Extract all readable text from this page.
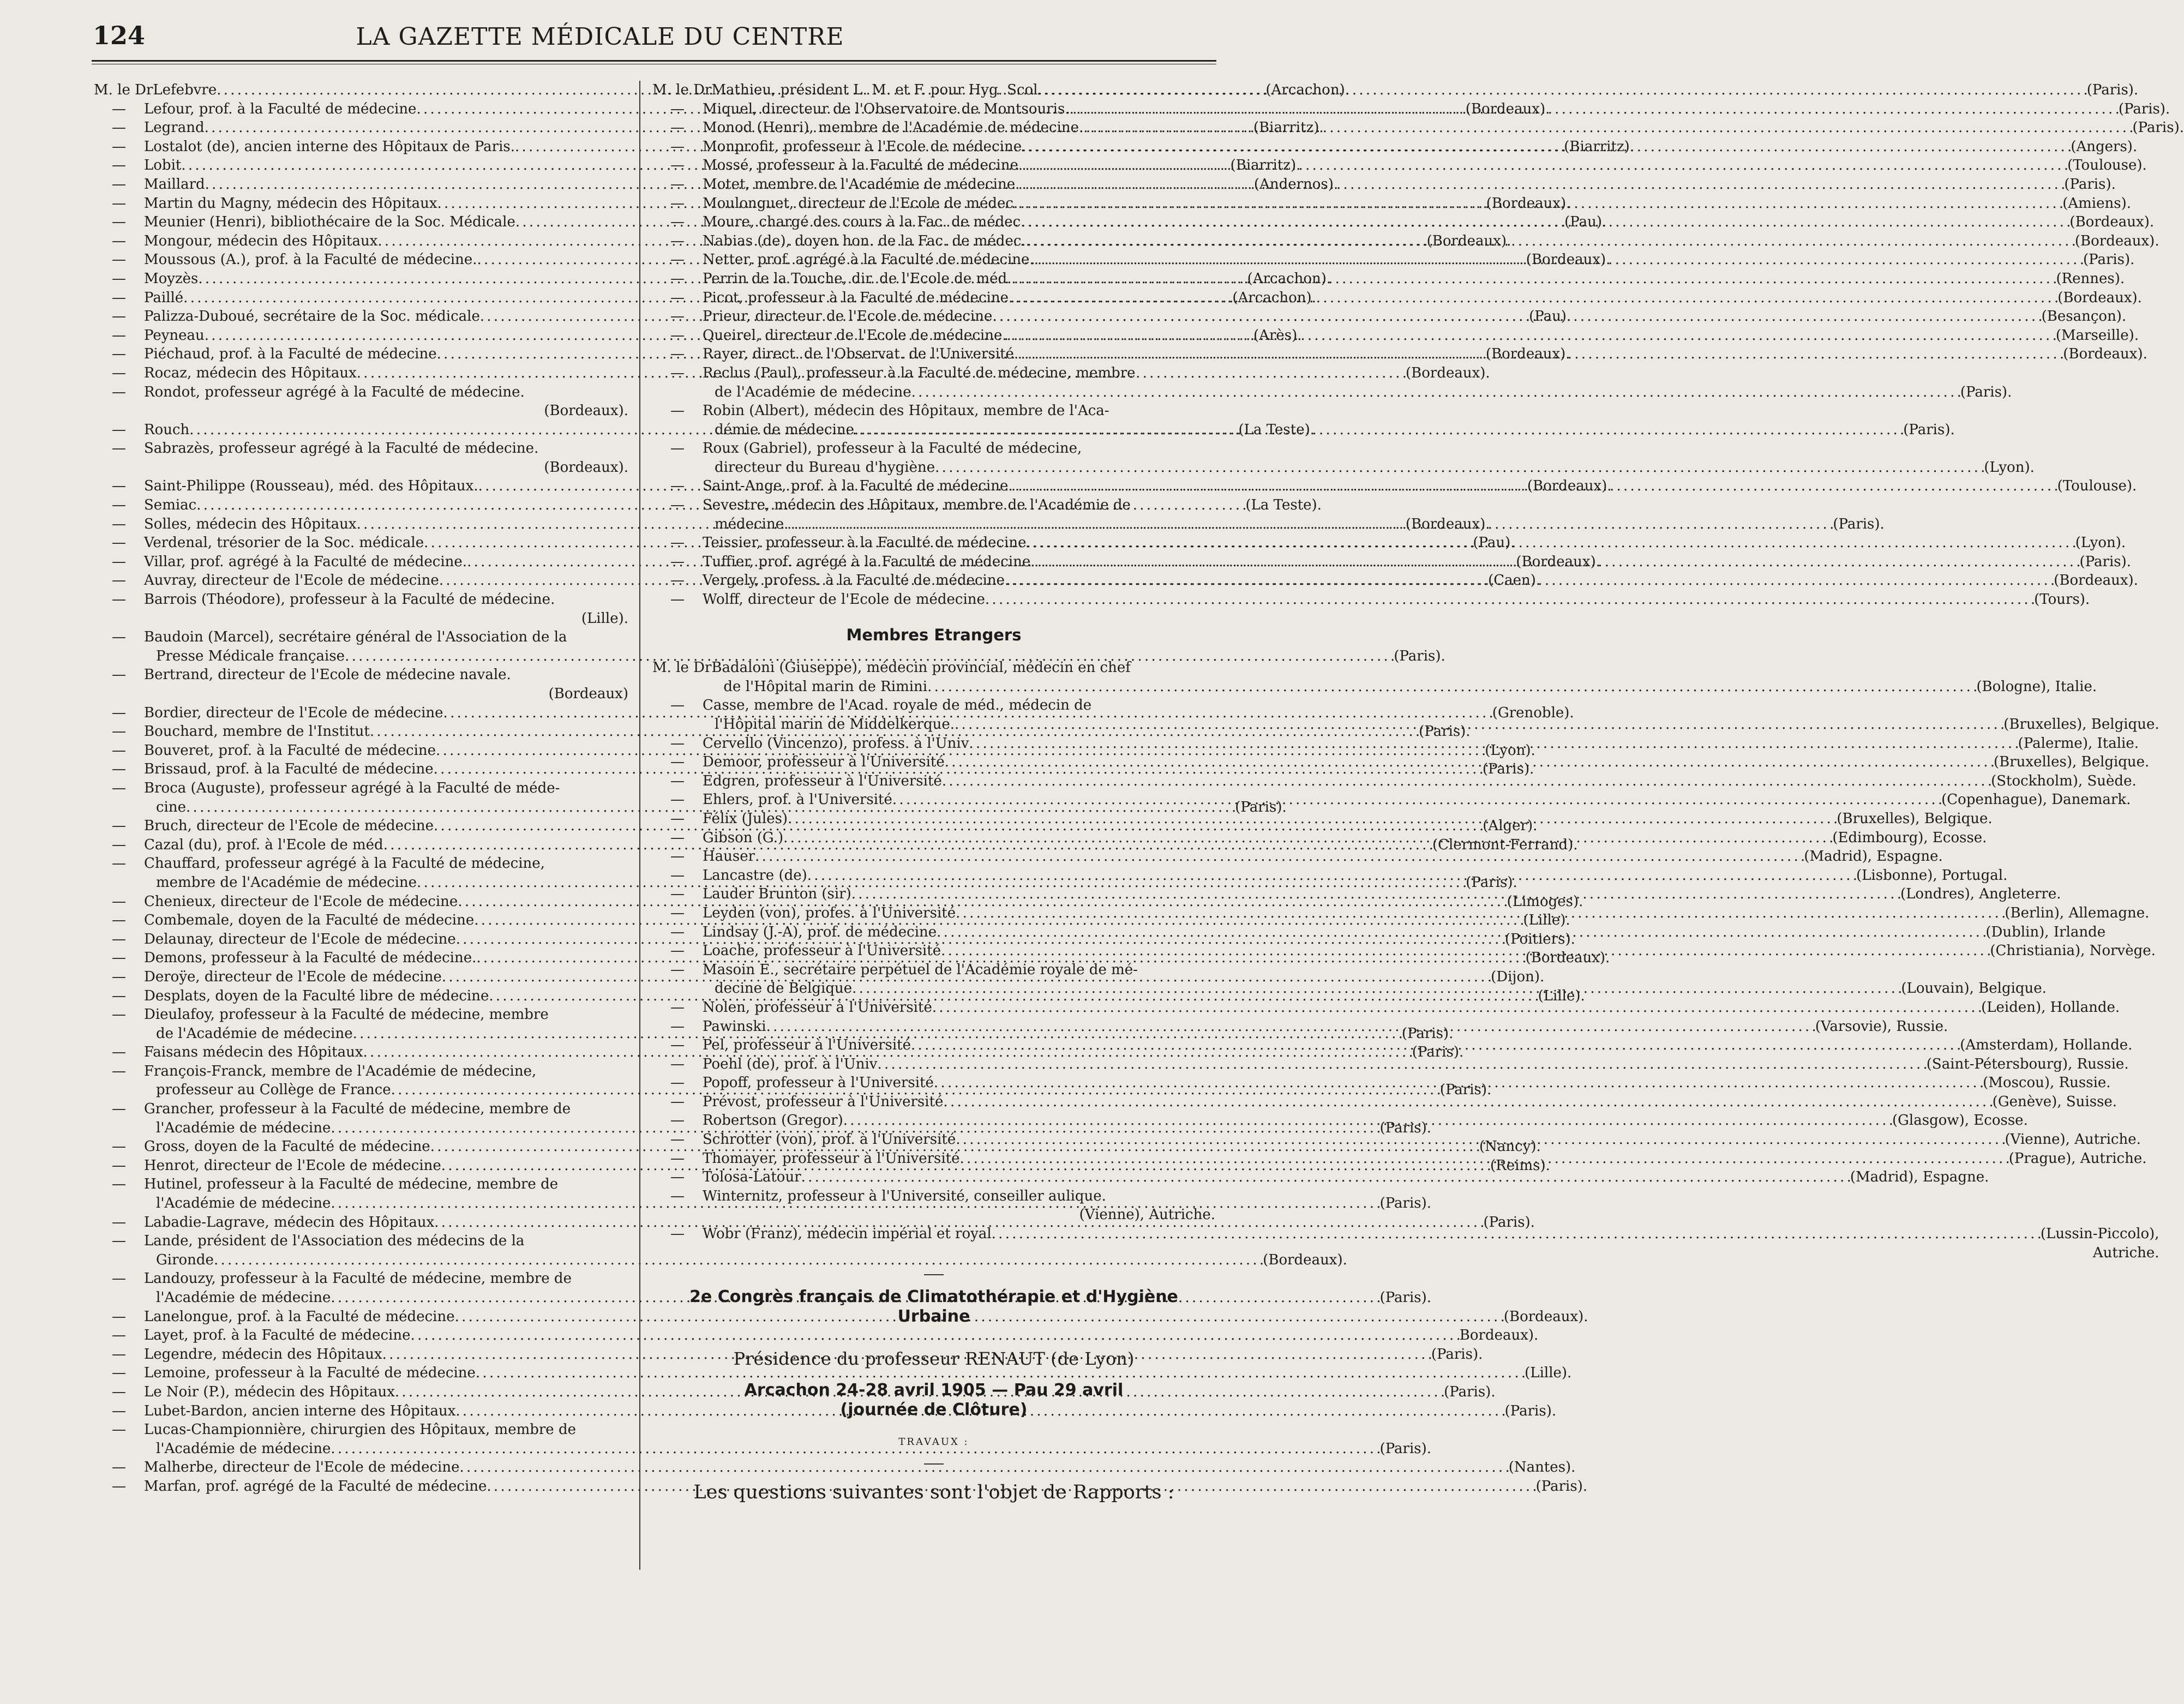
124	LA GAZETTE MÉDICALE DU CENTRE
M. le Dr Lefebvre . . .	(Arcachon).
—	Lefour, prof. à la Faculté de médecine . . .	(Bordeaux).
—	Legrand . . .	(Biarritz).
—	Lostalot (de), ancien interne des Hôpitaux de Paris. . . .	(Biarritz).
—	Lobit . . .	(Biarritz).
—	Maillard . . .	(Andernos).
—	Martin du Magny, médecin des Hôpitaux . . .	(Bordeaux).
—	Meunier (Henri), bibliothécaire de la Soc. Médicale . . .	(Pau).
—	Mongour, médecin des Hôpitaux . . .	(Bordeaux).
—	Moussous (A.), prof. à la Faculté de médecine. . . .	(Bordeaux).
—	Moyzès . . .	(Arcachon).
—	Paillé . . .	(Arcachon).
—	Palizza-Duboué, secrétaire de la Soc. médicale . . .	(Pau).
—	Peyneau . . .	(Arès).
—	Piéchaud, prof. à la Faculté de médecine . . .	(Bordeaux).
—	Rocaz, médecin des Hôpitaux . . .	(Bordeaux).
—	Rondot, professeur agrégé à la Faculté de médecine.
(Bordeaux).
—	Rouch . . .	(La Teste).
—	Sabrazès, professeur agrégé à la Faculté de médecine.
(Bordeaux).
—	Saint-Philippe (Rousseau), méd. des Hôpitaux. . . .	(Bordeaux).
—	Semiac . . .	(La Teste).
—	Solles, médecin des Hôpitaux . . .	(Bordeaux).
—	Verdenal, trésorier de la Soc. médicale . . .	(Pau).
—	Villar, prof. agrégé à la Faculté de médecine. . . .	(Bordeaux).
—	Auvray, directeur de l'Ecole de médecine . . .	(Caen).
—	Barrois (Théodore), professeur à la Faculté de médecine.
(Lille).
—	Baudoin (Marcel), secrétaire général de l'Association de la
Presse Médicale française . . .	(Paris).
—	Bertrand, directeur de l'Ecole de médecine navale.
(Bordeaux)
—	Bordier, directeur de l'Ecole de médecine . . .	(Grenoble).
—	Bouchard, membre de l'Institut . . .	(Paris).
—	Bouveret, prof. à la Faculté de médecine . . .	(Lyon).
—	Brissaud, prof. à la Faculté de médecine . . .	(Paris).
—	Broca (Auguste), professeur agrégé à la Faculté de méde-
cine . . .	(Paris).
—	Bruch, directeur de l'Ecole de médecine . . .	(Alger).
—	Cazal (du), prof. à l'Ecole de méd . . .	(Clermont-Ferrand).
—	Chauffard, professeur agrégé à la Faculté de médecine,
membre de l'Académie de médecine . . .	(Paris).
—	Chenieux, directeur de l'Ecole de médecine . . .	(Limoges).
—	Combemale, doyen de la Faculté de médecine . . .	(Lille).
—	Delaunay, directeur de l'Ecole de médecine . . .	(Poitiers).
—	Demons, professeur à la Faculté de médecine. . . .	(Bordeaux).
—	Deroÿe, directeur de l'Ecole de médecine . . .	(Dijon).
—	Desplats, doyen de la Faculté libre de médecine . . .	(Lille).
—	Dieulafoy, professeur à la Faculté de médecine, membre
de l'Académie de médecine . . .	(Paris).
—	Faisans médecin des Hôpitaux . . .	(Paris).
—	François-Franck, membre de l'Académie de médecine,
professeur au Collège de France . . .	(Paris).
—	Grancher, professeur à la Faculté de médecine, membre de
l'Académie de médecine . . .	(Paris).
—	Gross, doyen de la Faculté de médecine . . .	(Nancy).
—	Henrot, directeur de l'Ecole de médecine . . .	(Reims).
—	Hutinel, professeur à la Faculté de médecine, membre de
l'Académie de médecine . . .	(Paris).
—	Labadie-Lagrave, médecin des Hôpitaux . . .	(Paris).
—	Lande, président de l'Association des médecins de la
Gironde . . .	(Bordeaux).
—	Landouzy, professeur à la Faculté de médecine, membre de
l'Académie de médecine . . .	(Paris).
—	Lanelongue, prof. à la Faculté de médecine . . .	(Bordeaux).
—	Layet, prof. à la Faculté de médecine . . .	Bordeaux).
—	Legendre, médecin des Hôpitaux . . .	(Paris).
—	Lemoine, professeur à la Faculté de médecine . . .	(Lille).
—	Le Noir (P.), médecin des Hôpitaux . . .	(Paris).
—	Lubet-Bardon, ancien interne des Hôpitaux . . .	(Paris).
—	Lucas-Championnière, chirurgien des Hôpitaux, membre de
l'Académie de médecine . . .	(Paris).
—	Malherbe, directeur de l'Ecole de médecine . . .	(Nantes).
—	Marfan, prof. agrégé de la Faculté de médecine . . .	(Paris).
M. le Dr Mathieu, président L. M. et F. pour Hyg. Scol . . .	(Paris).
—	Miquel, directeur de l'Observatoire de Montsouris. . . .	(Paris).
—	Monod (Henri), membre de l'Académie de médecine. . . .	(Paris).
—	Monprofit, professeur à l'Ecole de médecine . . .	(Angers).
—	Mossé, professeur à la Faculté de médecine . . .	(Toulouse).
—	Motet, membre de l'Académie de médecine . . .	(Paris).
—	Moulonguet, directeur de l'Ecole de médec . . .	(Amiens).
—	Moure, chargé des cours à la Fac. de médec . . .	(Bordeaux).
—	Nabias (de), doyen hon. de la Fac. de médec. . . .	(Bordeaux).
—	Netter, prof. agrégé à la Faculté de médecine. . . .	(Paris).
—	Perrin de la Touche, dir. de l'Ecole de méd . . .	(Rennes).
—	Picot, professeur à la Faculté de médecine . . .	(Bordeaux).
—	Prieur, directeur de l'Ecole de médecine . . .	(Besançon).
—	Queirel, directeur de l'Ecole de médecine. . . .	(Marseille).
—	Rayer, direct. de l'Observat. de l'Université . . .	(Bordeaux).
—	Reclus (Paul), professeur à la Faculté de médecine, membre
de l'Académie de médecine . . .	(Paris).
—	Robin (Albert), médecin des Hôpitaux, membre de l'Aca-
démie de médecine . . .	(Paris).
—	Roux (Gabriel), professeur à la Faculté de médecine,
directeur du Bureau d'hygiène . . .	(Lyon).
—	Saint-Ange, prof. à la Faculté de médecine . . .	(Toulouse).
—	Sevestre, médecin des Hôpitaux, membre de l'Académie de
médecine . . .	(Paris).
—	Teissier, professeur à la Faculté de médecine . . .	(Lyon).
—	Tuffier, prof. agrégé à la Faculté de médecine . . .	(Paris).
—	Vergely, profess. à la Faculté de médecine . . .	(Bordeaux).
—	Wolff, directeur de l'Ecole de médecine . . .	(Tours).
Membres Etrangers
M. le Dr Badaloni (Giuseppe), médecin provincial, médecin en chef
de l'Hôpital marin de Rimini . . .	(Bologne), Italie.
—	Casse, membre de l'Acad. royale de méd., médecin de
l'Hôpital marin de Middelkerque. . . .	(Bruxelles), Belgique.
—	Cervello (Vincenzo), profess. à l'Univ . . .	(Palerme), Italie.
—	Demoor, professeur à l'Université . . .	(Bruxelles), Belgique.
—	Edgren, professeur à l'Université . . .	(Stockholm), Suède.
—	Ehlers, prof. à l'Université . . .	(Copenhague), Danemark.
—	Félix (Jules) . . .	(Bruxelles), Belgique.
—	Gibson (G.) . . .	(Edimbourg), Ecosse.
—	Hauser . . .	(Madrid), Espagne.
—	Lancastre (de) . . .	(Lisbonne), Portugal.
—	Lauder Brunton (sir) . . .	(Londres), Angleterre.
—	Leyden (von), profes. à l'Université . . .	(Berlin), Allemagne.
—	Lindsay (J.-A), prof. de médecine . . .	(Dublin), Irlande
—	Loache, professeur à l'Université . . .	(Christiania), Norvège.
—	Masoin E., secrétaire perpétuel de l'Académie royale de mé-
decine de Belgique . . .	(Louvain), Belgique.
—	Nolen, professeur à l'Université . . .	(Leiden), Hollande.
—	Pawinski . . .	(Varsovie), Russie.
—	Pel, professeur à l'Université . . .	(Amsterdam), Hollande.
—	Poehl (de), prof. à l'Univ . . .	(Saint-Pétersbourg), Russie.
—	Popoff, professeur à l'Université . . .	(Moscou), Russie.
—	Prévost, professeur à l'Université . . .	(Genève), Suisse.
—	Robertson (Gregor) . . .	(Glasgow), Ecosse.
—	Schrotter (von), prof. à l'Université . . .	(Vienne), Autriche.
—	Thomayer, professeur à l'Université . . .	(Prague), Autriche.
—	Tolosa-Latour . . .	(Madrid), Espagne.
—	Winternitz, professeur à l'Université, conseiller aulique.
(Vienne), Autriche.
—	Wobr (Franz), médecin impérial et royal . . .	(Lussin-Piccolo),
Autriche.
2e Congrès français de Climatothérapie et d'Hygiène
Urbaine
Présidence du professeur RENAUT (de Lyon)
Arcachon 24-28 avril 1905 — Pau 29 avril
(journée de Clôture)
TRAVAUX :
Les questions suivantes sont l'objet de Rapports :
